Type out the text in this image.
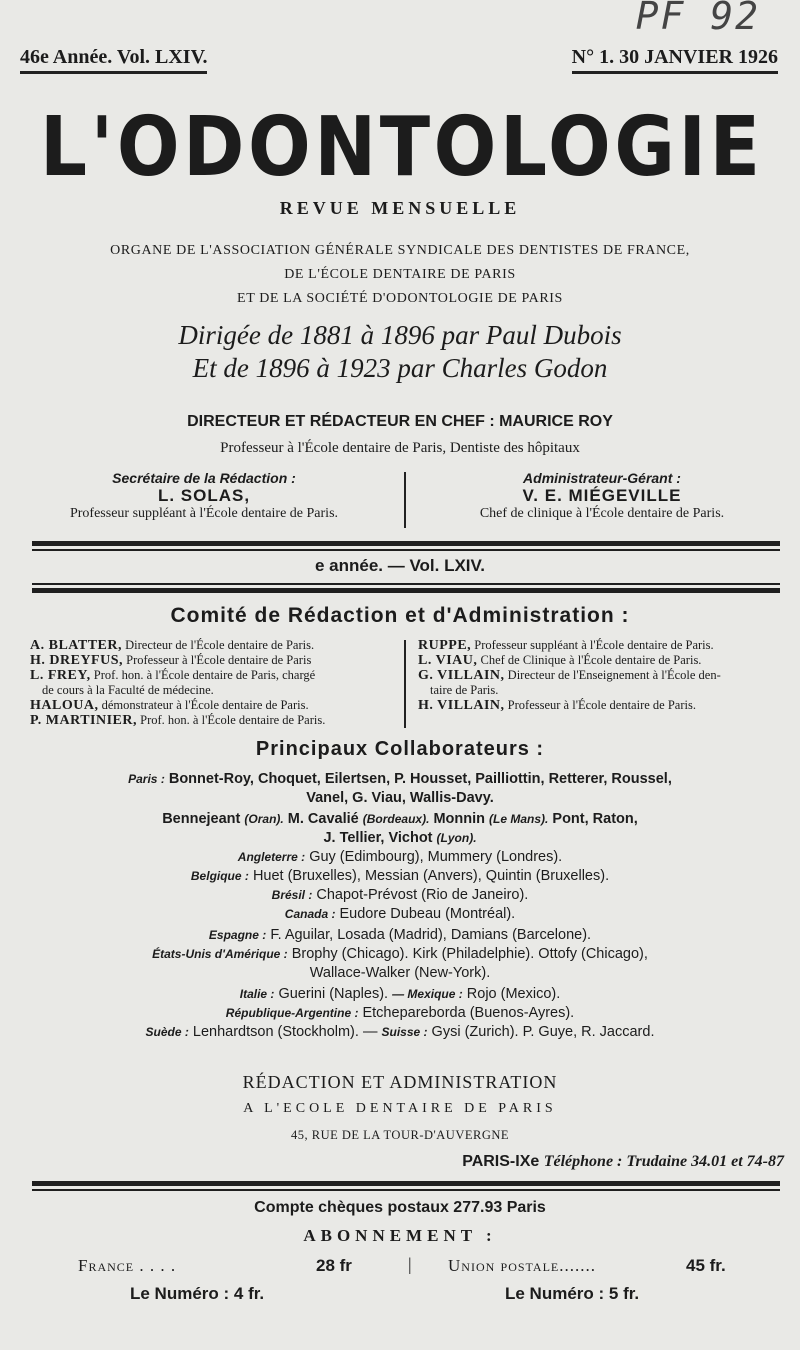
PF 92
46e Année. Vol. LXIV.	N° 1. 30 JANVIER 1926
L'ODONTOLOGIE
REVUE MENSUELLE
ORGANE DE L'ASSOCIATION GÉNÉRALE SYNDICALE DES DENTISTES DE FRANCE,
DE L'ÉCOLE DENTAIRE DE PARIS
ET DE LA SOCIÉTÉ D'ODONTOLOGIE DE PARIS
Dirigée de 1881 à 1896 par Paul Dubois
Et de 1896 à 1923 par Charles Godon
DIRECTEUR ET RÉDACTEUR EN CHEF : MAURICE ROY
Professeur à l'École dentaire de Paris, Dentiste des hôpitaux
Secrétaire de la Rédaction :
L. SOLAS,
Professeur suppléant à l'École dentaire de Paris.
Administrateur-Gérant :
V. E. MIÉGEVILLE
Chef de clinique à l'École dentaire de Paris.
e année. — Vol. LXIV.
Comité de Rédaction et d'Administration :
A. BLATTER, Directeur de l'École dentaire de Paris.
H. DREYFUS, Professeur à l'École dentaire de Paris
L. FREY, Prof. hon. à l'École dentaire de Paris, chargé
de cours à la Faculté de médecine.
HALOUA, démonstrateur à l'École dentaire de Paris.
P. MARTINIER, Prof. hon. à l'École dentaire de Paris.
RUPPE, Professeur suppléant à l'École dentaire de Paris.
L. VIAU, Chef de Clinique à l'École dentaire de Paris.
G. VILLAIN, Directeur de l'Enseignement à l'École den-
taire de Paris.
H. VILLAIN, Professeur à l'École dentaire de Paris.
Principaux Collaborateurs :
Paris : Bonnet-Roy, Choquet, Eilertsen, P. Housset, Pailliottin, Retterer, Roussel,
Vanel, G. Viau, Wallis-Davy.
Bennejeant (Oran). M. Cavalié (Bordeaux). Monnin (Le Mans). Pont, Raton,
J. Tellier, Vichot (Lyon).
Angleterre : Guy (Edimbourg), Mummery (Londres).
Belgique : Huet (Bruxelles), Messian (Anvers), Quintin (Bruxelles).
Brésil : Chapot-Prévost (Rio de Janeiro).
Canada : Eudore Dubeau (Montréal).
Espagne : F. Aguilar, Losada (Madrid), Damians (Barcelone).
États-Unis d'Amérique : Brophy (Chicago). Kirk (Philadelphie). Ottofy (Chicago),
Wallace-Walker (New-York).
Italie : Guerini (Naples). — Mexique : Rojo (Mexico).
République-Argentine : Etchepareborda (Buenos-Ayres).
Suède : Lenhardtson (Stockholm). — Suisse : Gysi (Zurich). P. Guye, R. Jaccard.
RÉDACTION ET ADMINISTRATION
A L'ECOLE DENTAIRE DE PARIS
45, RUE DE LA TOUR-D'AUVERGNE
PARIS-IXe Téléphone : Trudaine 34.01 et 74-87
Compte chèques postaux 277.93 Paris
ABONNEMENT :
France . . . .	28 fr	| Union postale.......	45 fr.
Le Numéro : 4 fr.	Le Numéro : 5 fr.
